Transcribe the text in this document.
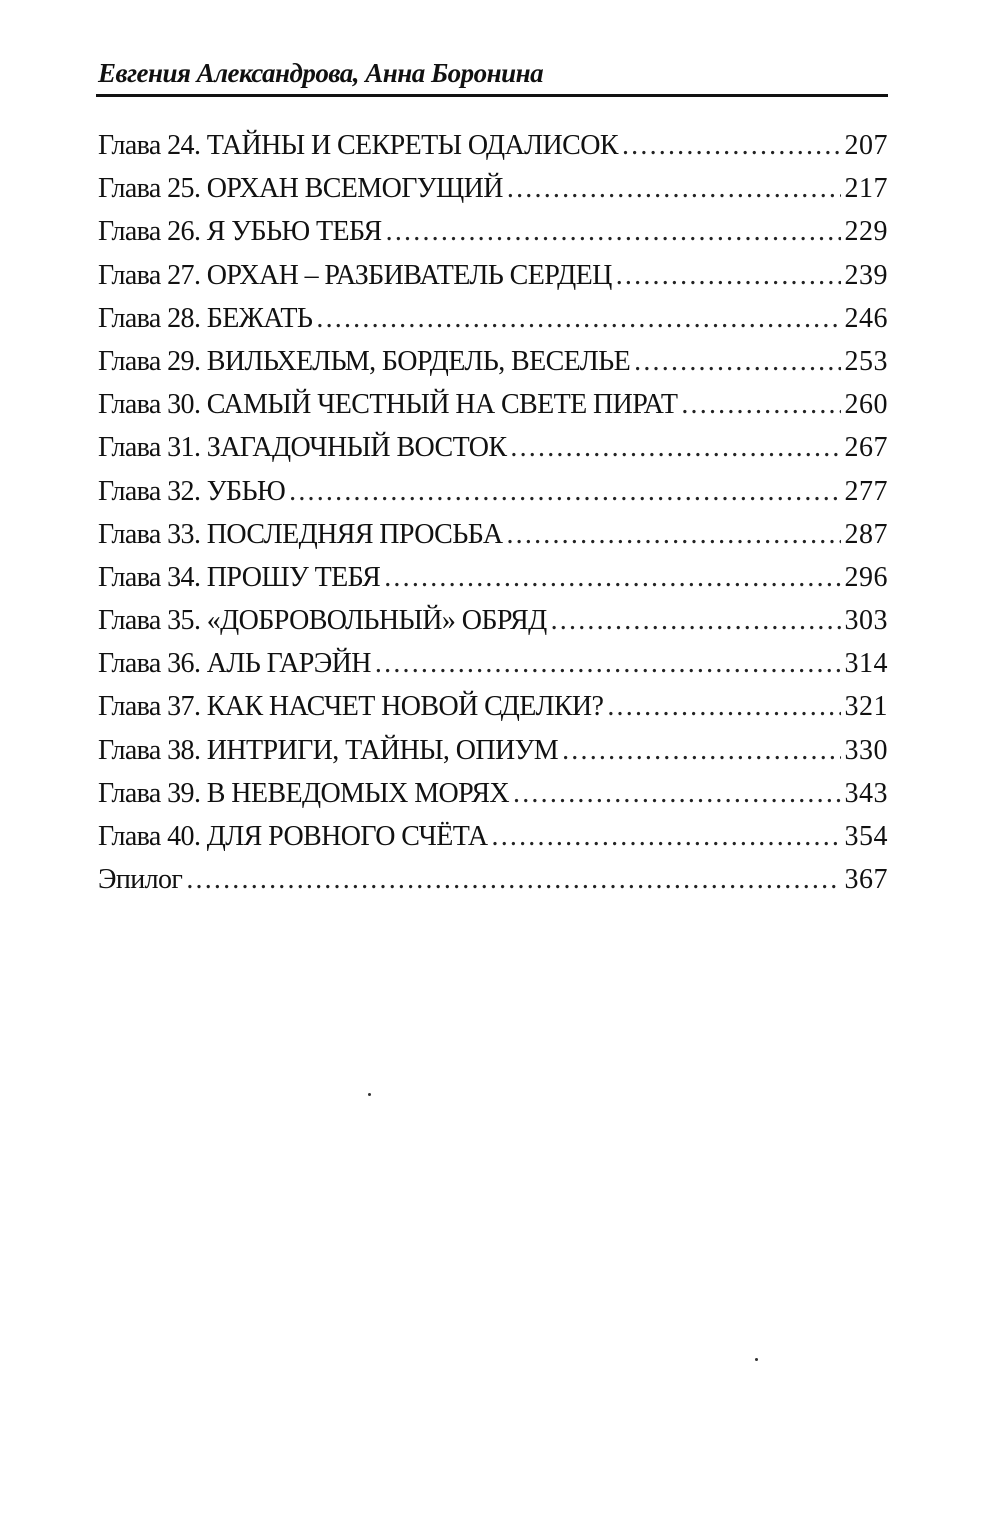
Евгения Александрова, Анна Боронина
Глава 24. ТАЙНЫ И СЕКРЕТЫ ОДАЛИСОК .....	207
Глава 25. ОРХАН ВСЕМОГУЩИЙ .....	217
Глава 26. Я УБЬЮ ТЕБЯ .....	229
Глава 27. ОРХАН – РАЗБИВАТЕЛЬ СЕРДЕЦ .....	239
Глава 28. БЕЖАТЬ .....	246
Глава 29. ВИЛЬХЕЛЬМ, БОРДЕЛЬ, ВЕСЕЛЬЕ .....	253
Глава 30. САМЫЙ ЧЕСТНЫЙ НА СВЕТЕ ПИРАТ .....	260
Глава 31. ЗАГАДОЧНЫЙ ВОСТОК .....	267
Глава 32. УБЬЮ .....	277
Глава 33. ПОСЛЕДНЯЯ ПРОСЬБА .....	287
Глава 34. ПРОШУ ТЕБЯ .....	296
Глава 35. «ДОБРОВОЛЬНЫЙ» ОБРЯД .....	303
Глава 36. АЛЬ ГАРЭЙН .....	314
Глава 37. КАК НАСЧЕТ НОВОЙ СДЕЛКИ? .....	321
Глава 38. ИНТРИГИ, ТАЙНЫ, ОПИУМ .....	330
Глава 39. В НЕВЕДОМЫХ МОРЯХ .....	343
Глава 40. ДЛЯ РОВНОГО СЧЁТА .....	354
Эпилог .....	367
